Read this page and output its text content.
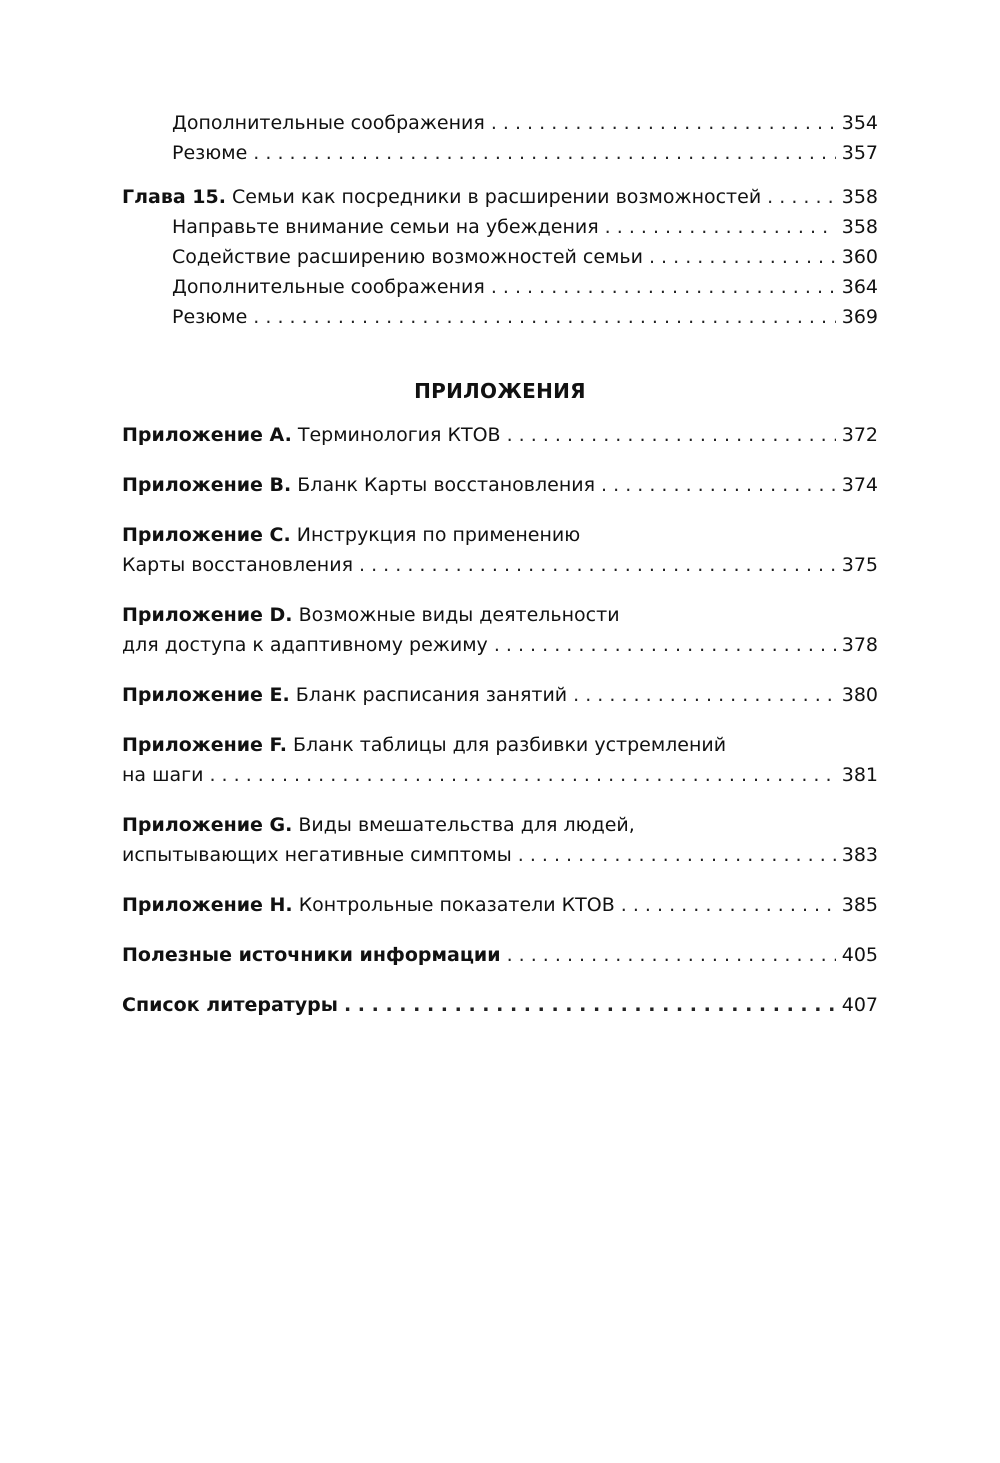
Дополнительные соображения . . .	354
Резюме . . .	357
Глава 15. Семьи как посредники в расширении возможностей . . .	358
Направьте внимание семьи на убеждения . . .	358
Содействие расширению возможностей семьи . . .	360
Дополнительные соображения . . .	364
Резюме . . .	369
ПРИЛОЖЕНИЯ
Приложение A. Терминология КТОВ . . .	372
Приложение B. Бланк Карты восстановления . . .	374
Приложение C. Инструкция по применению
Карты восстановления . . .	375
Приложение D. Возможные виды деятельности
для доступа к адаптивному режиму . . .	378
Приложение E. Бланк расписания занятий . . .	380
Приложение F. Бланк таблицы для разбивки устремлений
на шаги . . .	381
Приложение G. Виды вмешательства для людей,
испытывающих негативные симптомы . . .	383
Приложение H. Контрольные показатели КТОВ . . .	385
Полезные источники информации . . .	405
Список литературы . . .	407
